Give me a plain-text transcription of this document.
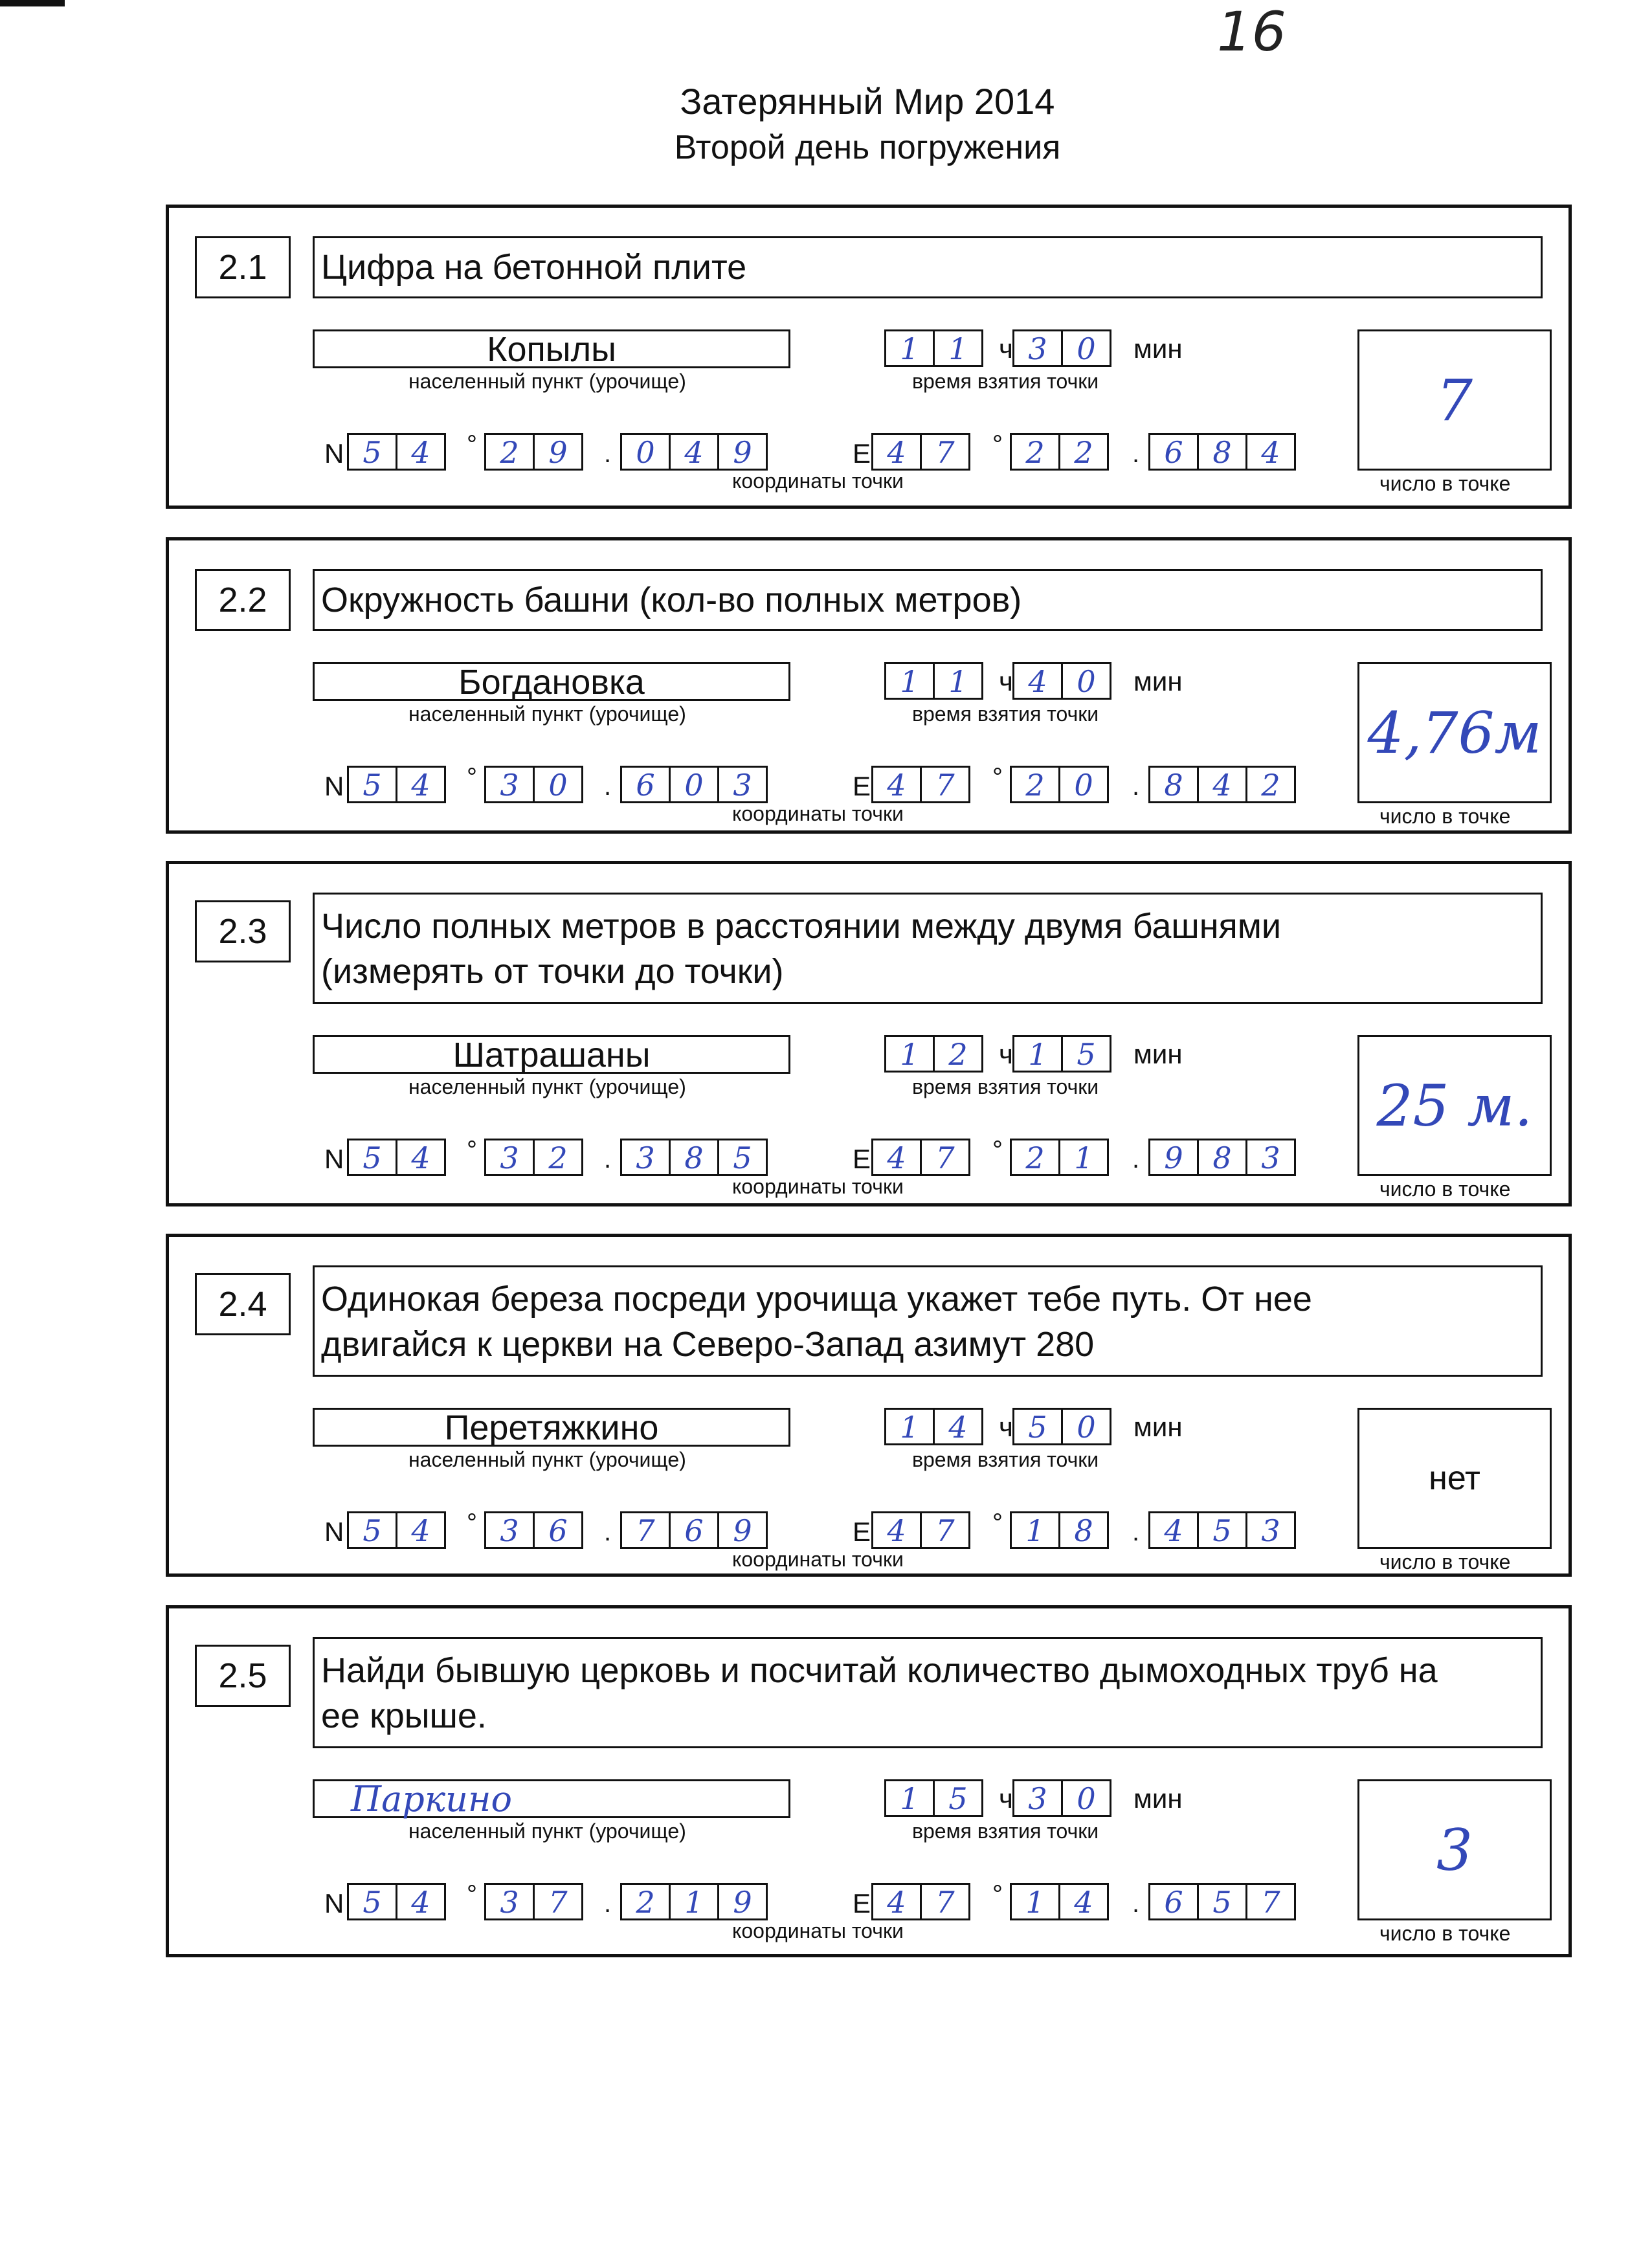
16
Затерянный Мир 2014
Второй день погружения
2.1	Цифра на бетонной плите
Копылы
населенный пункт (урочище)
1 1	ч 3 0	мин
время взятия точки
N 5 4	° 2 9	. 0 4 9	E 4 7	° 2 2	. 6 8 4
координаты точки
7
число в точке
2.2	Окружность башни (кол-во полных метров)
Богдановка
населенный пункт (урочище)
1 1	ч 4 0	мин
время взятия точки
N 5 4	° 3 0	. 6 0 3	E 4 7	° 2 0	. 8 4 2
координаты точки
4,76м
число в точке
2.3	Число полных метров в расстоянии между двумя башнями
(измерять от точки до точки)
Шатрашаны
населенный пункт (урочище)
1 2	ч 1 5	мин
время взятия точки
N 5 4	° 3 2	. 3 8 5	E 4 7	° 2 1	. 9 8 3
координаты точки
25 м.
число в точке
2.4	Одинокая береза посреди урочища укажет тебе путь. От нее
двигайся к церкви на Северо-Запад азимут 280
Перетяжкино
населенный пункт (урочище)
1 4	ч 5 0	мин
время взятия точки
N 5 4	° 3 6	. 7 6 9	E 4 7	° 1 8	. 4 5 3
координаты точки
нет
число в точке
2.5	Найди бывшую церковь и посчитай количество дымоходных труб на
ее крыше.
Паркино
населенный пункт (урочище)
1 5	ч 3 0	мин
время взятия точки
N 5 4	° 3 7	. 2 1 9	E 4 7	° 1 4	. 6 5 7
координаты точки
3
число в точке
